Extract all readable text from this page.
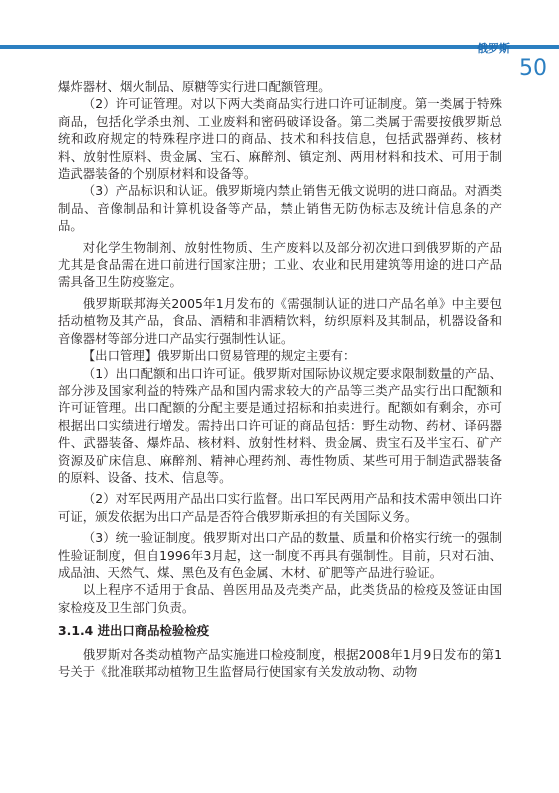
俄罗斯
50

爆炸器材、烟火制品、原糖等实行进口配额管理。

（2）许可证管理。对以下两大类商品实行进口许可证制度。第一类属于特殊商品，包括化学杀虫剂、工业废料和密码破译设备。第二类属于需要按俄罗斯总统和政府规定的特殊程序进口的商品、技术和科技信息，包括武器弹药、核材料、放射性原料、贵金属、宝石、麻醉剂、镇定剂、两用材料和技术、可用于制造武器装备的个别原材料和设备等。

（3）产品标识和认证。俄罗斯境内禁止销售无俄文说明的进口商品。对酒类制品、音像制品和计算机设备等产品，禁止销售无防伪标志及统计信息条的产品。

对化学生物制剂、放射性物质、生产废料以及部分初次进口到俄罗斯的产品尤其是食品需在进口前进行国家注册；工业、农业和民用建筑等用途的进口产品需具备卫生防疫鉴定。

俄罗斯联邦海关2005年1月发布的《需强制认证的进口产品名单》中主要包括动植物及其产品，食品、酒精和非酒精饮料，纺织原料及其制品，机器设备和音像器材等部分进口产品实行强制性认证。

【出口管理】俄罗斯出口贸易管理的规定主要有：

（1）出口配额和出口许可证。俄罗斯对国际协议规定要求限制数量的产品、部分涉及国家利益的特殊产品和国内需求较大的产品等三类产品实行出口配额和许可证管理。出口配额的分配主要是通过招标和拍卖进行。配额如有剩余，亦可根据出口实绩进行增发。需持出口许可证的商品包括：野生动物、药材、译码器件、武器装备、爆炸品、核材料、放射性材料、贵金属、贵宝石及半宝石、矿产资源及矿床信息、麻醉剂、精神心理药剂、毒性物质、某些可用于制造武器装备的原料、设备、技术、信息等。

（2）对军民两用产品出口实行监督。出口军民两用产品和技术需申领出口许可证，颁发依据为出口产品是否符合俄罗斯承担的有关国际义务。

（3）统一验证制度。俄罗斯对出口产品的数量、质量和价格实行统一的强制性验证制度，但自1996年3月起，这一制度不再具有强制性。目前，只对石油、成品油、天然气、煤、黑色及有色金属、木材、矿肥等产品进行验证。

以上程序不适用于食品、兽医用品及壳类产品，此类货品的检疫及签证由国家检疫及卫生部门负责。

3.1.4 进出口商品检验检疫

俄罗斯对各类动植物产品实施进口检疫制度，根据2008年1月9日发布的第1号关于《批准联邦动植物卫生监督局行使国家有关发放动物、动物
